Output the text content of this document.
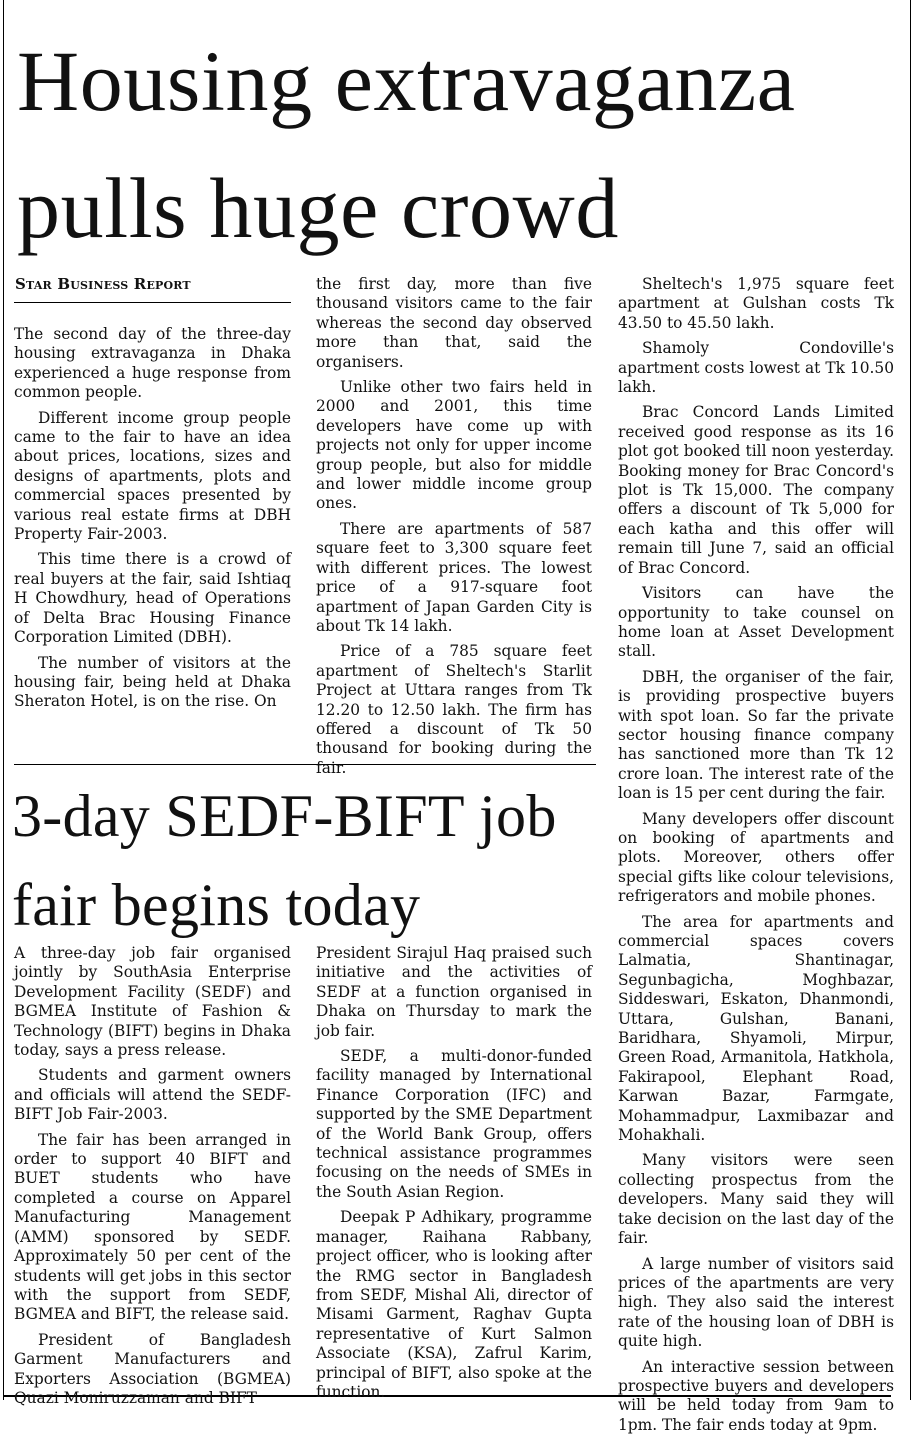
Housing extravaganza
pulls huge crowd
Star Business Report

The second day of the three-day housing extravaganza in Dhaka experienced a huge response from common people.

Different income group people came to the fair to have an idea about prices, locations, sizes and designs of apartments, plots and commercial spaces presented by various real estate firms at DBH Property Fair-2003.

This time there is a crowd of real buyers at the fair, said Ishtiaq H Chowdhury, head of Operations of Delta Brac Housing Finance Corporation Limited (DBH).

The number of visitors at the housing fair, being held at Dhaka Sheraton Hotel, is on the rise. On

the first day, more than five thousand visitors came to the fair whereas the second day observed more than that, said the organisers.

Unlike other two fairs held in 2000 and 2001, this time developers have come up with projects not only for upper income group people, but also for middle and lower middle income group ones.

There are apartments of 587 square feet to 3,300 square feet with different prices. The lowest price of a 917-square foot apartment of Japan Garden City is about Tk 14 lakh.

Price of a 785 square feet apartment of Sheltech's Starlit Project at Uttara ranges from Tk 12.20 to 12.50 lakh. The firm has offered a discount of Tk 50 thousand for booking during the fair.

Sheltech's 1,975 square feet apartment at Gulshan costs Tk 43.50 to 45.50 lakh.

Shamoly Condoville's apartment costs lowest at Tk 10.50 lakh.

Brac Concord Lands Limited received good response as its 16 plot got booked till noon yesterday. Booking money for Brac Concord's plot is Tk 15,000. The company offers a discount of Tk 5,000 for each katha and this offer will remain till June 7, said an official of Brac Concord.

Visitors can have the opportunity to take counsel on home loan at Asset Development stall.

DBH, the organiser of the fair, is providing prospective buyers with spot loan. So far the private sector housing finance company has sanctioned more than Tk 12 crore loan. The interest rate of the loan is 15 per cent during the fair.

Many developers offer discount on booking of apartments and plots. Moreover, others offer special gifts like colour televisions, refrigerators and mobile phones.

The area for apartments and commercial spaces covers Lalmatia, Shantinagar, Segunbagicha, Moghbazar, Siddeswari, Eskaton, Dhanmondi, Uttara, Gulshan, Banani, Baridhara, Shyamoli, Mirpur, Green Road, Armanitola, Hatkhola, Fakirapool, Elephant Road, Karwan Bazar, Farmgate, Mohammadpur, Laxmibazar and Mohakhali.

Many visitors were seen collecting prospectus from the developers. Many said they will take decision on the last day of the fair.

A large number of visitors said prices of the apartments are very high. They also said the interest rate of the housing loan of DBH is quite high.

An interactive session between prospective buyers and developers will be held today from 9am to 1pm. The fair ends today at 9pm.

3-day SEDF-BIFT job
fair begins today

A three-day job fair organised jointly by SouthAsia Enterprise Development Facility (SEDF) and BGMEA Institute of Fashion & Technology (BIFT) begins in Dhaka today, says a press release.

Students and garment owners and officials will attend the SEDF-BIFT Job Fair-2003.

The fair has been arranged in order to support 40 BIFT and BUET students who have completed a course on Apparel Manufacturing Management (AMM) sponsored by SEDF. Approximately 50 per cent of the students will get jobs in this sector with the support from SEDF, BGMEA and BIFT, the release said.

President of Bangladesh Garment Manufacturers and Exporters Association (BGMEA) Quazi Moniruzzaman and BIFT

President Sirajul Haq praised such initiative and the activities of SEDF at a function organised in Dhaka on Thursday to mark the job fair.

SEDF, a multi-donor-funded facility managed by International Finance Corporation (IFC) and supported by the SME Department of the World Bank Group, offers technical assistance programmes focusing on the needs of SMEs in the South Asian Region.

Deepak P Adhikary, programme manager, Raihana Rabbany, project officer, who is looking after the RMG sector in Bangladesh from SEDF, Mishal Ali, director of Misami Garment, Raghav Gupta representative of Kurt Salmon Associate (KSA), Zafrul Karim, principal of BIFT, also spoke at the function.
